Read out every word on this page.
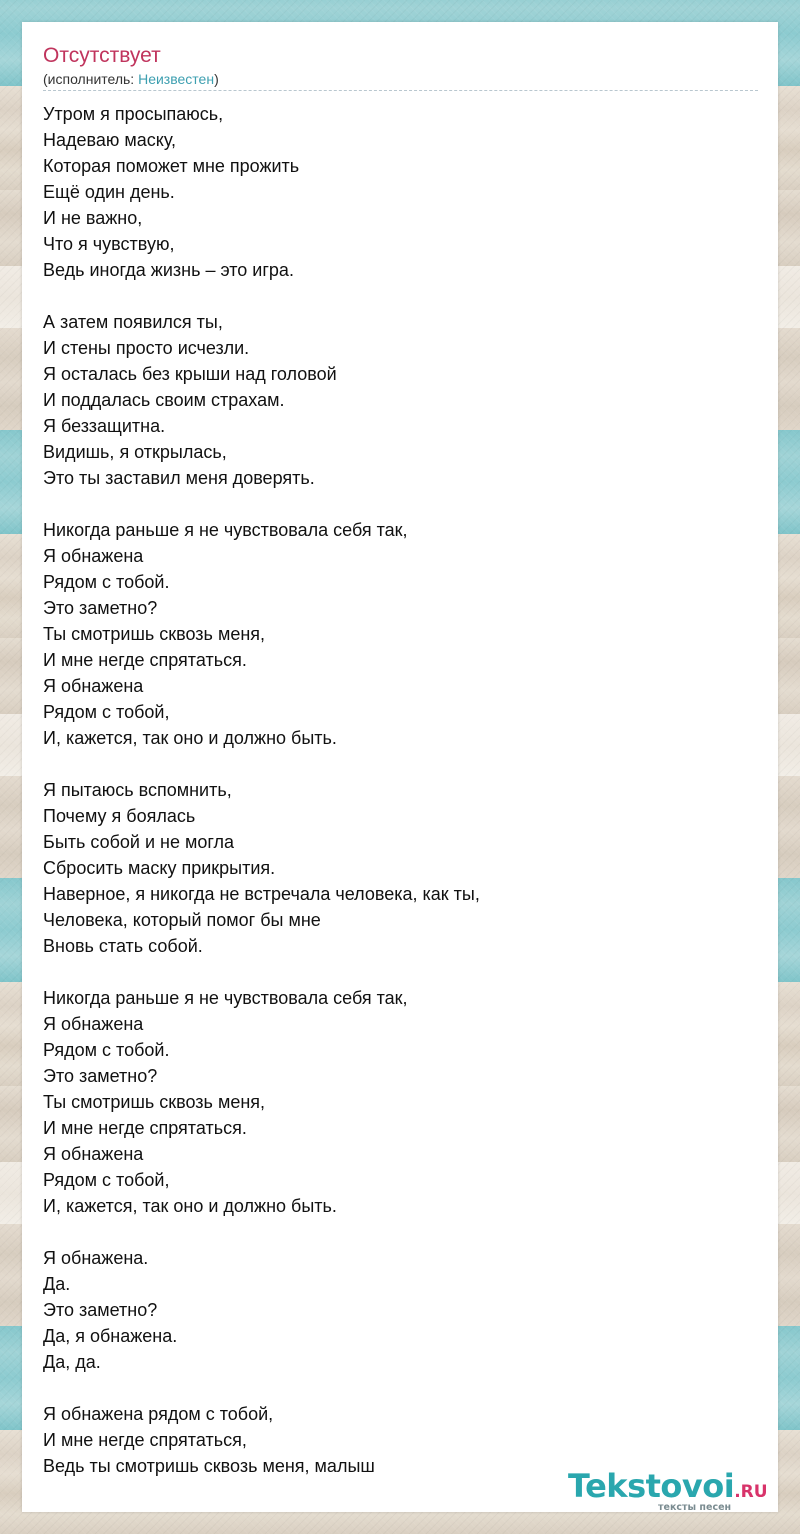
Отсутствует
(исполнитель: Неизвестен)
Утром я просыпаюсь,
Надеваю маску,
Которая поможет мне прожить
Ещё один день.
И не важно,
Что я чувствую,
Ведь иногда жизнь – это игра.
А затем появился ты,
И стены просто исчезли.
Я осталась без крыши над головой
И поддалась своим страхам.
Я беззащитна.
Видишь, я открылась,
Это ты заставил меня доверять.
Никогда раньше я не чувствовала себя так,
Я обнажена
Рядом с тобой.
Это заметно?
Ты смотришь сквозь меня,
И мне негде спрятаться.
Я обнажена
Рядом с тобой,
И, кажется, так оно и должно быть.
Я пытаюсь вспомнить,
Почему я боялась
Быть собой и не могла
Сбросить маску прикрытия.
Наверное, я никогда не встречала человека, как ты,
Человека, который помог бы мне
Вновь стать собой.
Никогда раньше я не чувствовала себя так,
Я обнажена
Рядом с тобой.
Это заметно?
Ты смотришь сквозь меня,
И мне негде спрятаться.
Я обнажена
Рядом с тобой,
И, кажется, так оно и должно быть.
Я обнажена.
Да.
Это заметно?
Да, я обнажена.
Да, да.
Я обнажена рядом с тобой,
И мне негде спрятаться,
Ведь ты смотришь сквозь меня, малыш
Tekstovoi.RU
тексты песен
